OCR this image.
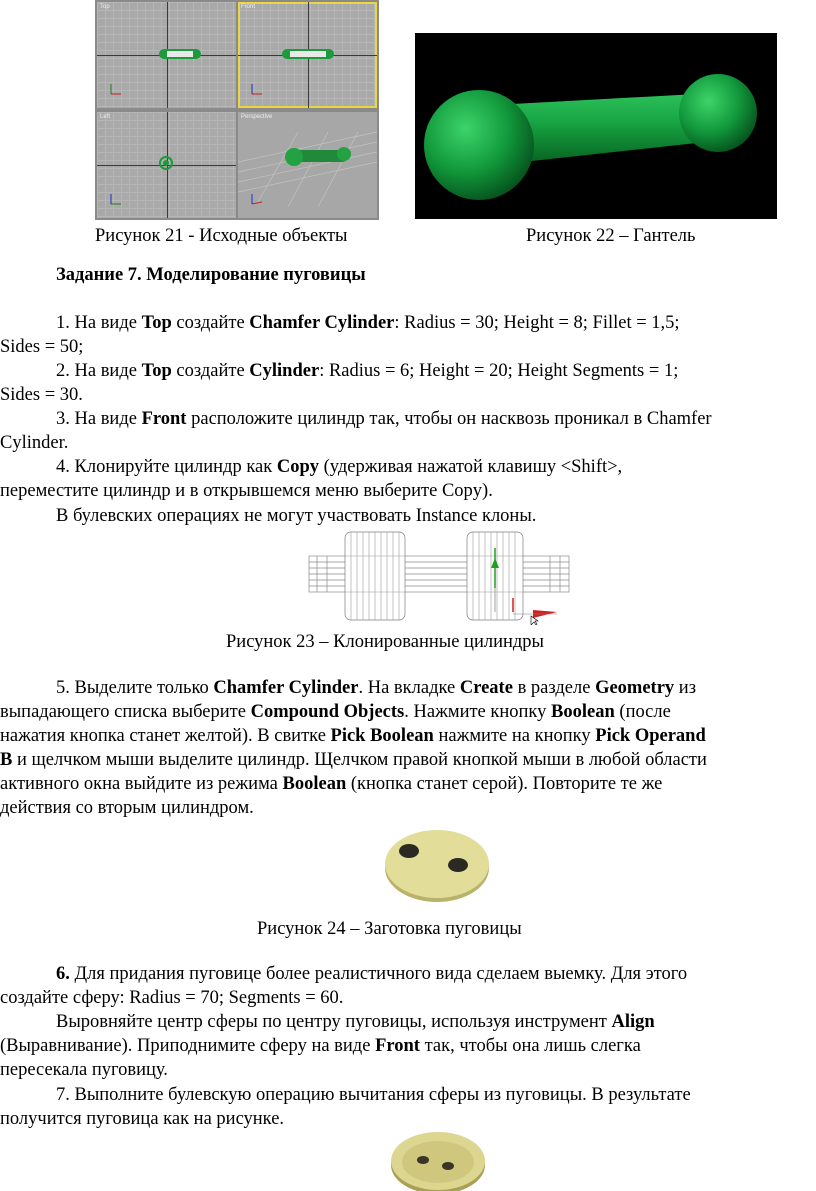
Top	Front
Left	Perspective
Рисунок 21 - Исходные объекты	Рисунок 22 – Гантель
Задание 7. Моделирование пуговицы
1. На виде Top создайте Chamfer Cylinder: Radius = 30; Height = 8; Fillet = 1,5;
Sides = 50;
2. На виде Top создайте Cylinder: Radius = 6; Height = 20; Height Segments = 1;
Sides = 30.
3. На виде Front расположите цилиндр так, чтобы он насквозь проникал в Chamfer
Cylinder.
4. Клонируйте цилиндр как Copy (удерживая нажатой клавишу <Shift>,
переместите цилиндр и в открывшемся меню выберите Copy).
В булевских операциях не могут участвовать Instance клоны.
Рисунок 23 – Клонированные цилиндры
5. Выделите только Chamfer Cylinder. На вкладке Create в разделе Geometry из
выпадающего списка выберите Compound Objects. Нажмите кнопку Boolean (после
нажатия кнопка станет желтой). В свитке Pick Boolean нажмите на кнопку Pick Operand
B и щелчком мыши выделите цилиндр. Щелчком правой кнопкой мыши в любой области
активного окна выйдите из режима Boolean (кнопка станет серой). Повторите те же
действия со вторым цилиндром.
Рисунок 24 – Заготовка пуговицы
6. Для придания пуговице более реалистичного вида сделаем выемку. Для этого
создайте сферу: Radius = 70; Segments = 60.
Выровняйте центр сферы по центру пуговицы, используя инструмент Align
(Выравнивание). Приподнимите сферу на виде Front так, чтобы она лишь слегка
пересекала пуговицу.
7. Выполните булевскую операцию вычитания сферы из пуговицы. В результате
получится пуговица как на рисунке.
